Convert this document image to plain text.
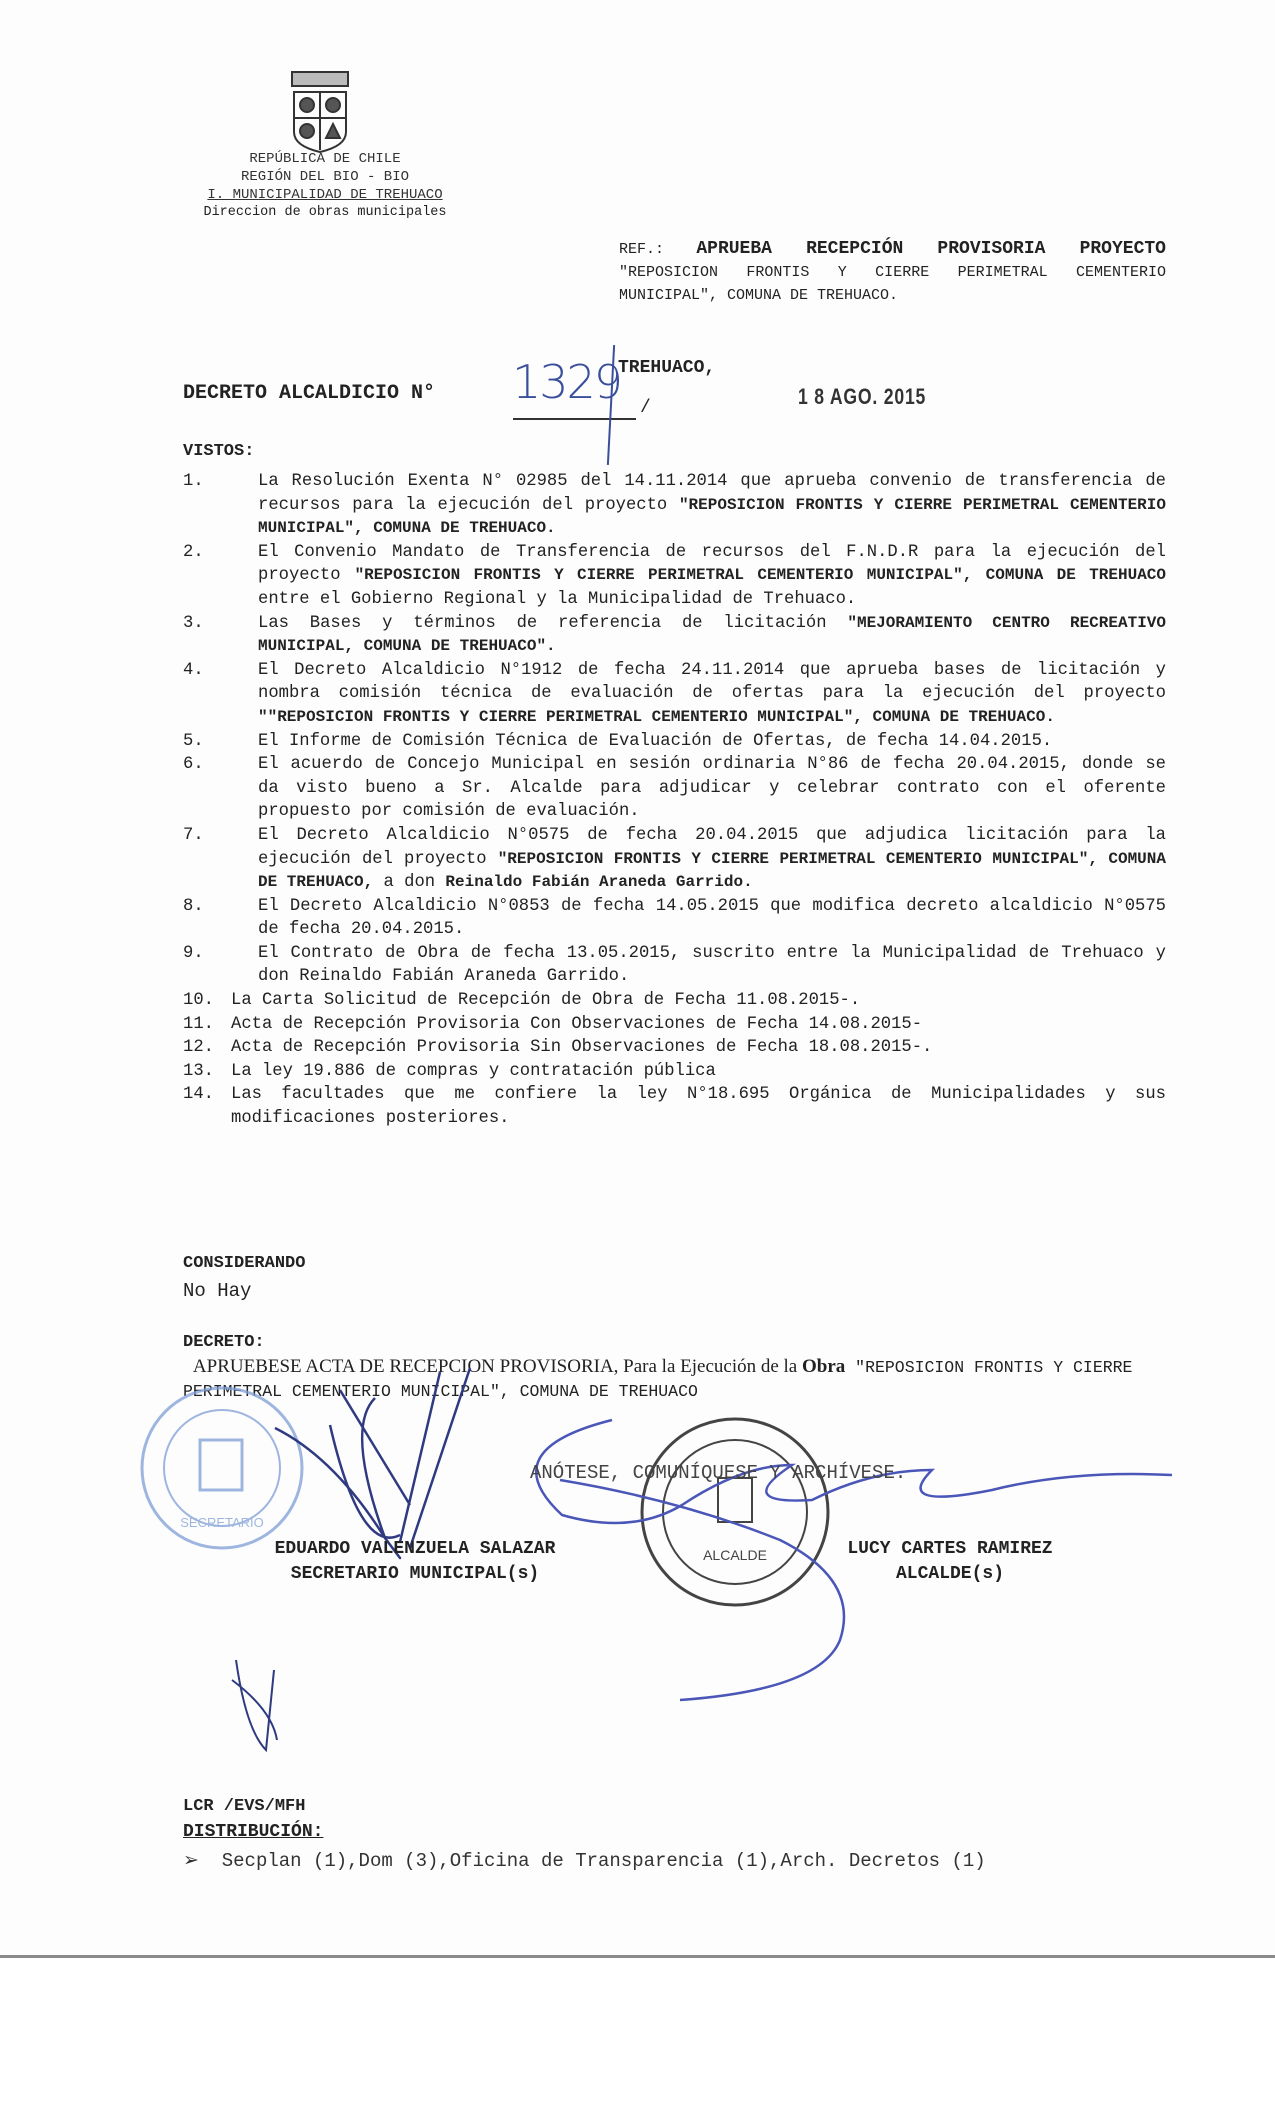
REPÚBLICA DE CHILE
REGIÓN DEL BIO - BIO
I. MUNICIPALIDAD DE TREHUACO
Direccion de obras municipales
REF.: APRUEBA RECEPCIÓN PROVISORIA PROYECTO "REPOSICION FRONTIS Y CIERRE PERIMETRAL CEMENTERIO MUNICIPAL", COMUNA DE TREHUACO.
DECRETO ALCALDICIO N° 1329
TREHUACO,
/	1 8 AGO. 2015
VISTOS:
1.	La Resolución Exenta N° 02985 del 14.11.2014 que aprueba convenio de transferencia de recursos para la ejecución del proyecto "REPOSICION FRONTIS Y CIERRE PERIMETRAL CEMENTERIO MUNICIPAL", COMUNA DE TREHUACO.
2.	El Convenio Mandato de Transferencia de recursos del F.N.D.R para la ejecución del proyecto "REPOSICION FRONTIS Y CIERRE PERIMETRAL CEMENTERIO MUNICIPAL", COMUNA DE TREHUACO entre el Gobierno Regional y la Municipalidad de Trehuaco.
3.	Las Bases y términos de referencia de licitación "MEJORAMIENTO CENTRO RECREATIVO MUNICIPAL, COMUNA DE TREHUACO".
4.	El Decreto Alcaldicio N°1912 de fecha 24.11.2014 que aprueba bases de licitación y nombra comisión técnica de evaluación de ofertas para la ejecución del proyecto ""REPOSICION FRONTIS Y CIERRE PERIMETRAL CEMENTERIO MUNICIPAL", COMUNA DE TREHUACO.
5.	El Informe de Comisión Técnica de Evaluación de Ofertas, de fecha 14.04.2015.
6.	El acuerdo de Concejo Municipal en sesión ordinaria N°86 de fecha 20.04.2015, donde se da visto bueno a Sr. Alcalde para adjudicar y celebrar contrato con el oferente propuesto por comisión de evaluación.
7.	El Decreto Alcaldicio N°0575 de fecha 20.04.2015 que adjudica licitación para la ejecución del proyecto "REPOSICION FRONTIS Y CIERRE PERIMETRAL CEMENTERIO MUNICIPAL", COMUNA DE TREHUACO, a don Reinaldo Fabián Araneda Garrido.
8.	El Decreto Alcaldicio N°0853 de fecha 14.05.2015 que modifica decreto alcaldicio N°0575 de fecha 20.04.2015.
9.	El Contrato de Obra de fecha 13.05.2015, suscrito entre la Municipalidad de Trehuaco y don Reinaldo Fabián Araneda Garrido.
10. La Carta Solicitud de Recepción de Obra de Fecha 11.08.2015-.
11. Acta de Recepción Provisoria Con Observaciones de Fecha 14.08.2015-
12. Acta de Recepción Provisoria Sin Observaciones de Fecha 18.08.2015-.
13. La ley 19.886 de compras y contratación pública
14. Las facultades que me confiere la ley N°18.695 Orgánica de Municipalidades y sus modificaciones posteriores.
CONSIDERANDO
No Hay
DECRETO:
APRUEBESE ACTA DE RECEPCION PROVISORIA, Para la Ejecución de la Obra "REPOSICION FRONTIS Y CIERRE PERIMETRAL CEMENTERIO MUNICIPAL", COMUNA DE TREHUACO
SECRETARIO
ALCALDE
ANÓTESE, COMUNÍQUESE Y ARCHÍVESE.
EDUARDO VALENZUELA SALAZAR
SECRETARIO MUNICIPAL(s)
LUCY CARTES RAMIREZ
ALCALDE(s)
LCR /EVS/MFH
DISTRIBUCIÓN:
➢ Secplan (1),Dom (3),Oficina de Transparencia (1),Arch. Decretos (1)
